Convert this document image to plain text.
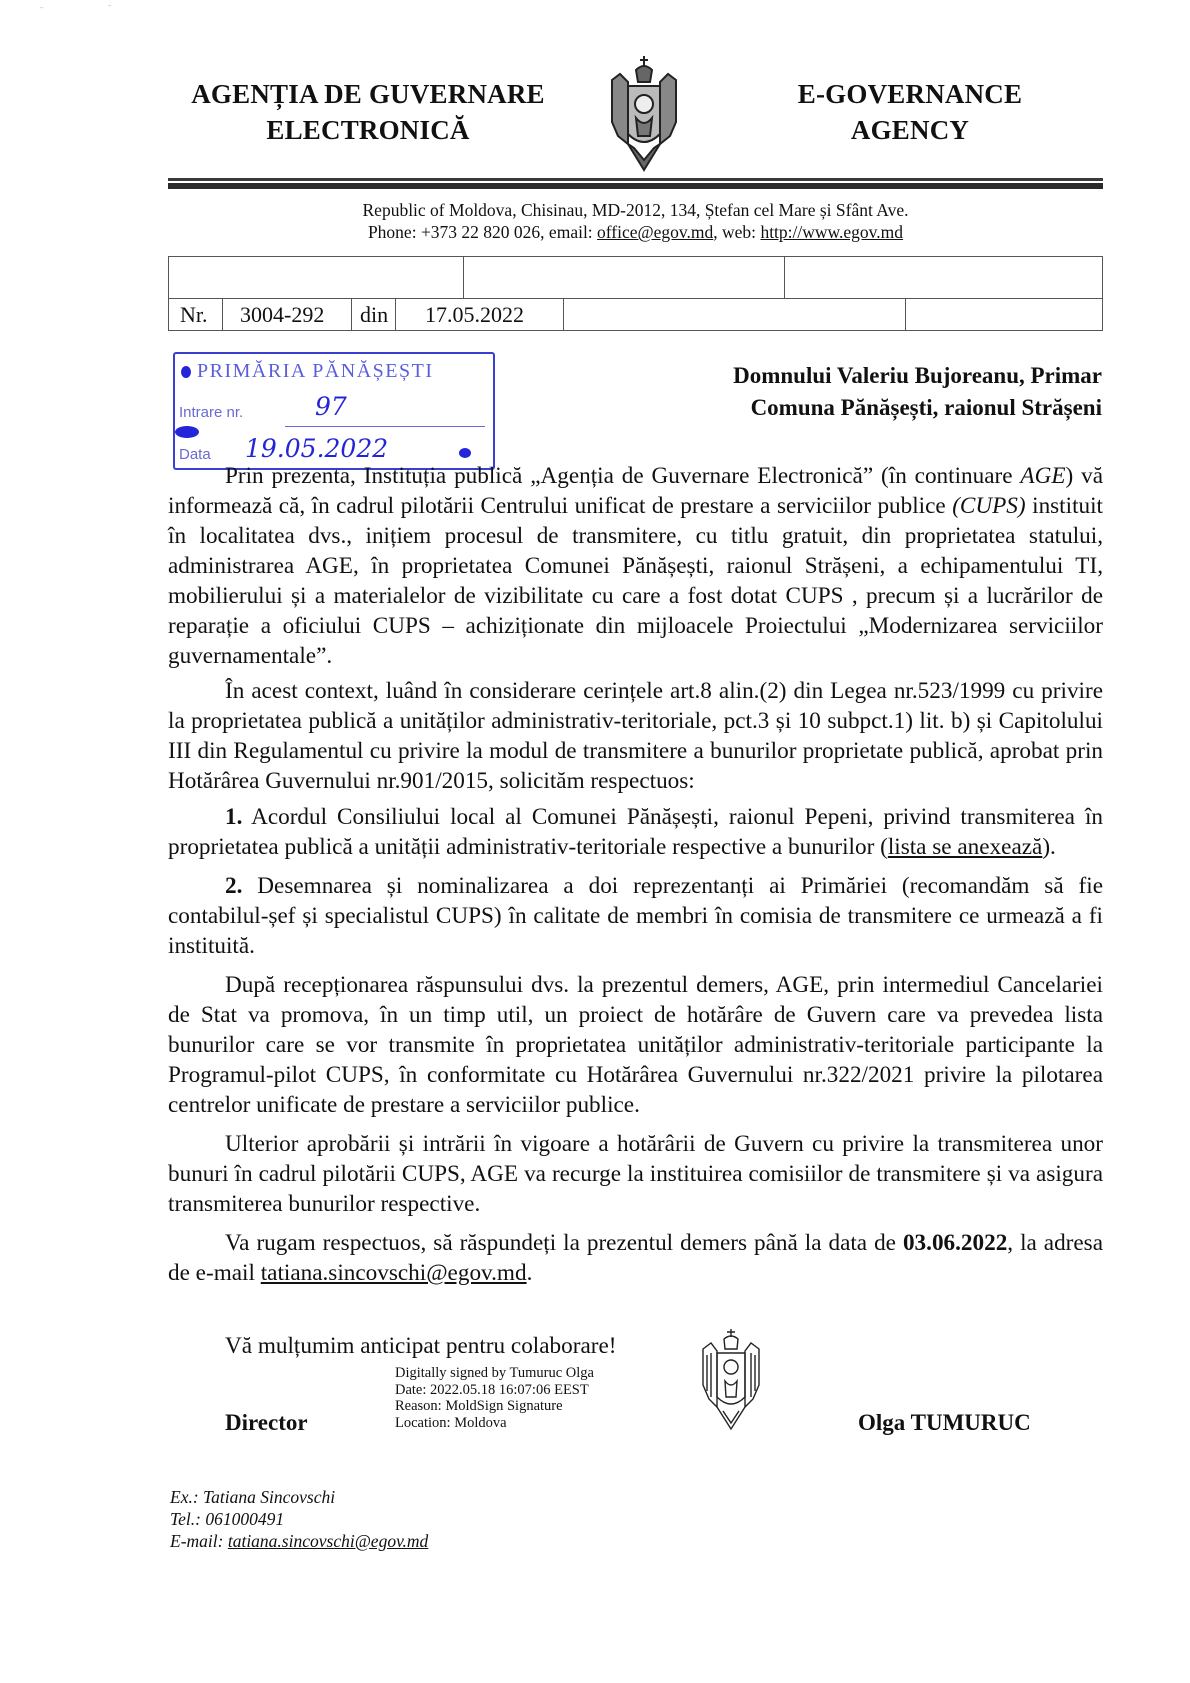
ˉ	˜
AGENȚIA DE GUVERNARE
ELECTRONICĂ
E-GOVERNANCE
AGENCY
Republic of Moldova, Chisinau, MD-2012, 134, Ștefan cel Mare și Sfânt Ave.
Phone: +373 22 820 026, email: office@egov.md, web: http://www.egov.md
Nr. 3004-292 din 17.05.2022
PRIMĂRIA PĂNĂȘEȘTI
Intrare nr.	97
Data 19.05.2022
Domnului Valeriu Bujoreanu, Primar
Comuna Pănășești, raionul Strășeni

Prin prezenta, Instituția publică „Agenția de Guvernare Electronică” (în continuare AGE) vă informează că, în cadrul pilotării Centrului unificat de prestare a serviciilor publice (CUPS) instituit în localitatea dvs., inițiem procesul de transmitere, cu titlu gratuit, din proprietatea statului, administrarea AGE, în proprietatea Comunei Pănășești, raionul Strășeni, a echipamentului TI, mobilierului și a materialelor de vizibilitate cu care a fost dotat CUPS , precum și a lucrărilor de reparație a oficiului CUPS – achiziționate din mijloacele Proiectului „Modernizarea serviciilor guvernamentale”.

În acest context, luând în considerare cerințele art.8 alin.(2) din Legea nr.523/1999 cu privire la proprietatea publică a unităților administrativ-teritoriale, pct.3 și 10 subpct.1) lit. b) și Capitolului III din Regulamentul cu privire la modul de transmitere a bunurilor proprietate publică, aprobat prin Hotărârea Guvernului nr.901/2015, solicităm respectuos:

1. Acordul Consiliului local al Comunei Pănășești, raionul Pepeni, privind transmiterea în proprietatea publică a unității administrativ-teritoriale respective a bunurilor (lista se anexează).

2. Desemnarea și nominalizarea a doi reprezentanți ai Primăriei (recomandăm să fie contabilul-șef și specialistul CUPS) în calitate de membri în comisia de transmitere ce urmează a fi instituită.

După recepționarea răspunsului dvs. la prezentul demers, AGE, prin intermediul Cancelariei de Stat va promova, în un timp util, un proiect de hotărâre de Guvern care va prevedea lista bunurilor care se vor transmite în proprietatea unităților administrativ-teritoriale participante la Programul-pilot CUPS, în conformitate cu Hotărârea Guvernului nr.322/2021 privire la pilotarea centrelor unificate de prestare a serviciilor publice.

Ulterior aprobării și intrării în vigoare a hotărârii de Guvern cu privire la transmiterea unor bunuri în cadrul pilotării CUPS, AGE va recurge la instituirea comisiilor de transmitere și va asigura transmiterea bunurilor respective.

Va rugam respectuos, să răspundeți la prezentul demers până la data de 03.06.2022, la adresa de e-mail tatiana.sincovschi@egov.md.

Vă mulțumim anticipat pentru colaborare!
Digitally signed by Tumuruc Olga
Date: 2022.05.18 16:07:06 EEST
Reason: MoldSign Signature
Location: Moldova
Director	Olga TUMURUC
Ex.: Tatiana Sincovschi
Tel.: 061000491
E-mail: tatiana.sincovschi@egov.md
